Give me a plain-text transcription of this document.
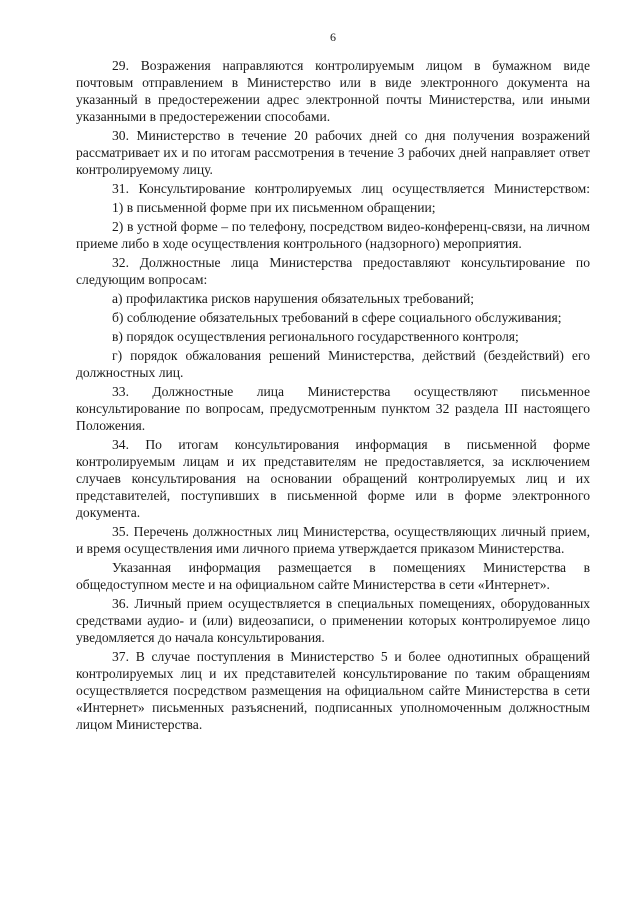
6

29. Возражения направляются контролируемым лицом в бумажном виде почтовым отправлением в Министерство или в виде электронного документа на указанный в предостережении адрес электронной почты Министерства, или иными указанными в предостережении способами.

30. Министерство в течение 20 рабочих дней со дня получения возражений рассматривает их и по итогам рассмотрения в течение 3 рабочих дней направляет ответ контролируемому лицу.

31. Консультирование контролируемых лиц осуществляется Министерством:

1) в письменной форме при их письменном обращении;

2) в устной форме – по телефону, посредством видео-конференц-связи, на личном приеме либо в ходе осуществления контрольного (надзорного) мероприятия.

32. Должностные лица Министерства предоставляют консультирование по следующим вопросам:

а) профилактика рисков нарушения обязательных требований;

б) соблюдение обязательных требований в сфере социального обслуживания;

в) порядок осуществления регионального государственного контроля;

г) порядок обжалования решений Министерства, действий (бездействий) его должностных лиц.

33. Должностные лица Министерства осуществляют письменное консультирование по вопросам, предусмотренным пунктом 32 раздела III настоящего Положения.

34. По итогам консультирования информация в письменной форме контролируемым лицам и их представителям не предоставляется, за исключением случаев консультирования на основании обращений контролируемых лиц и их представителей, поступивших в письменной форме или в форме электронного документа.

35. Перечень должностных лиц Министерства, осуществляющих личный прием, и время осуществления ими личного приема утверждается приказом Министерства.

Указанная информация размещается в помещениях Министерства в общедоступном месте и на официальном сайте Министерства в сети «Интернет».

36. Личный прием осуществляется в специальных помещениях, оборудованных средствами аудио- и (или) видеозаписи, о применении которых контролируемое лицо уведомляется до начала консультирования.

37. В случае поступления в Министерство 5 и более однотипных обращений контролируемых лиц и их представителей консультирование по таким обращениям осуществляется посредством размещения на официальном сайте Министерства в сети «Интернет» письменных разъяснений, подписанных уполномоченным должностным лицом Министерства.
